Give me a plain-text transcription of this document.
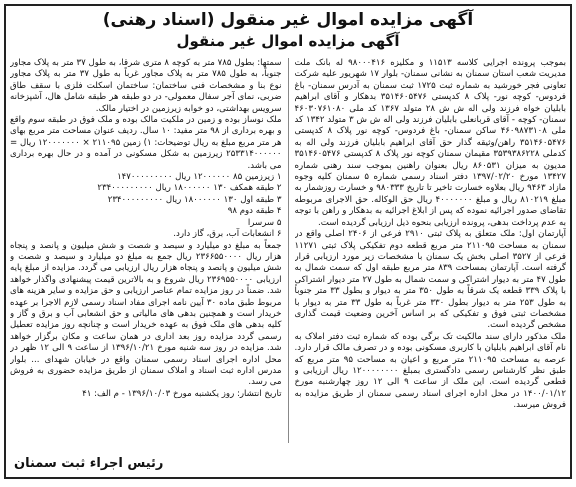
آگهی مزایده اموال غیر منقول (اسناد رهنی)
آگهی مزایده اموال غیر منقول

بموجب پرونده اجرایی کلاسه ۱۱۵۱۳ و مکلیزه ۹۸۰۰۰۴۱۶ له بانک ملت مدیریت شعب استان سمنان به نشانی سمنان- بلوار ۱۷ شهریور علیه شرکت تعاونی فجر خورشید به شماره ثبت ۱۷۲۵ ثبت سمنان به آدرس سمنان- باغ فردوس- کوچه نور- پلاک ۸ کدپستی ۳۵۱۴۶۰۵۴۷۶ بدهکار و آقای ابراهیم بابلیان خواه فرزند ولی اله ش ش ۲۸ متولد ۱۳۶۷ کد ملی ۴۶۰۳۰۷۶۱۰۸۰ سمنان- کوچه - آقای قربانعلی بابلیان فرزند ولی اله ش ش ۳ متولد ۱۳۴۲ کد ملی ۴۶۰۹۸۷۳۱۰۸ ساکن سمنان- باغ فردوس- کوچه نور پلاک ۸ کدپستی ۳۵۱۴۶۰۵۴۷۶ راهن/وثیقه گذار حق آقای ابراهیم بابلیان فرزند ولی اله به کدملی ۳۵۳۹۳۸۶۲۲۸ مقیمان سمنان کوچه نور پلاک ۸ کدپستی ۳۵۱۴۶۰۵۴۷۶ مدیون به میزان ۸۶۰۵۳۱ ریال بعنوان راهنین بموجب سند رهنی شماره ۱۳۴۲۷ مورخ ۱۳۹۷/۰۲/۲۰ دفتر اسناد رسمی شماره ۵ سمنان کلیه وجوه مازاد ۹۴۶۳ ریال بعلاوه خسارت تاخیر تا تاریخ ۹۸۰۳۳۳ و خسارت روزشمار به مبلغ ۸۱۰۲۱۹ ریال و مبلغ ۴۰۰۰۰۰۰۰ ریال حق الوکاله. حق الاجرای مربوطه تقاضای صدور اجرائیه نموده که پس از ابلاغ اجرائیه به بدهکار و راهن با توجه به عدم پرداخت بدهی، پرونده ارزیابی بنحوه ذیل ارزیابی گردیده است.

آپارتمان اول: ملک متعلق به پلاک ثبتی ۲۹۱۰ فرعی از ۲۴۰۶ اصلی واقع در سمنان به مساحت ۲۱۱۰۹۵ متر مربع قطعه دوم تفکیکی پلاک ثبتی ۱۱۲۷۱ فرعی از ۳۵۲۷ اصلی بخش یک سمنان با مشخصات زیر مورد ارزیابی قرار گرفته است. آپارتمان بمساحت ۸۳۹ متر مربع طبقه اول که سمت شمال به طول ۴۷ متر به دیوار اشتراکی و سمت شمال به طول ۲۷ متر دیوار اشتراکی با پلاک ۳۳۹ قطعه یک شرقاً به طول ۳۵۰ متر به دیوار و بطول ۳۳ متر جنوباً به طول ۲۵۳ متر به دیوار بطول ۳۳۰ متر غرباً به طول ۳۳ متر به دیوار با مشخصات ثبتی فوق و تفکیکی که بر اساس آخرین وضعیت قیمت گذاری مشخص گردیده است.

ملک مذکور دارای سند مالکیت تک برگی بوده که شماره ثبت دفتر املاک به نام آقای ابراهیم بابلیان با کاربری مسکونی بوده و در تصرف مالک قرار دارد. عرصه به مساحت ۲۱۱۰۹۵ متر مربع و اعیان به مساحت ۹۵ متر مربع که طبق نظر کارشناس رسمی دادگستری بمبلغ ۱۲۰۰۰۰۰۰۰۰ ریال ارزیابی و قطعی گردیده است. این ملک از ساعت ۹ الی ۱۲ روز چهارشنبه مورخ ۱۴۰۰/۰۱/۱۲ در محل اداره اجرای اسناد رسمی سمنان از طریق مزایده به فروش میرسد.

سمتها: بطول ۷۸۵ متر به کوچه ۸ متری شرقاً، به طول ۳۷ متر به پلاک مجاور جنوباً، به طول ۷۸۵ متر به پلاک مجاور غرباً به طول ۳۷ متر به پلاک مجاور نوع بنا و مشخصات فنی ساختمان: ساختمان اسکلت فلزی با سقف طاق ضربی، نمای آجر سفال معمولی- در دو طبقه هر طبقه شامل هال، آشپزخانه سرویس بهداشتی، دو خوابه زیرزمین در اختیار مالک.

ملک نوساز بوده و زمین در ملکیت مالک بوده و ملک فوق در طبقه سوم واقع و بهره برداری از ۹۸ متر مفید: ۱۰ سال. ردیف عنوان مساحت متر مربع بهای هر متر مربع مبلغ به ریال توضیحات: ۱) زمین ۲۱۱۰۹۵ × ۱۲۰۰۰۰۰۰۰ ریال = ۲۵۳۳۱۴۰۰۰۰۰۰ زیرزمین به شکل مسکونی در آمده و در حال بهره برداری می باشد.

۱ زیرزمین ۸۵ ۱۲۰۰۰۰۰۰ ریال ۱۴۷۰۰۰۰۰۰۰۰۰

۲ طبقه همکف ۱۳۰ ۱۸۰۰۰۰۰۰ ریال ۲۳۴۰۰۰۰۰۰۰۰۰

۳ طبقه اول ۱۳۰ ۱۸۰۰۰۰۰۰ ریال ۲۳۴۰۰۰۰۰۰۰۰۰

۴ طبقه دوم ۹۸

۵ سرسرا

۶ انشعابات آب، برق، گاز دارد.

جمعاً به مبلغ دو میلیارد و سیصد و شصت و شش میلیون و پانصد و پنجاه هزار ریال ۲۳۶۶۵۵۰۰۰۰ ریال جمع به مبلغ دو میلیارد و سیصد و شصت و شش میلیون و پانصد و پنجاه هزار ریال ارزیابی می گردد. مزایده از مبلغ پایه ارزیابی ۲۳۶۹۵۵۰۰۰۰ ریال شروع و به بالاترین قیمت پیشنهادی واگذار خواهد شد. ضمناً در روز مزایده تمام عناصر ارزیابی و حق مزایده و سایر هزینه های مربوط طبق ماده ۳۰ آیین نامه اجرای مفاد اسناد رسمی لازم الاجرا بر عهده خریدار است و همچنین بدهی های مالیاتی و حق انشعابی آب و برق و گاز و کلیه بدهی های ملک فوق به عهده خریدار است و چنانچه روز مزایده تعطیل رسمی گردد مزایده روز بعد اداری در همان ساعت و مکان برگزار خواهد شد. مزایده در روز سه شنبه مورخ ۱۳۹۶/۱۰/۲۱ از ساعت ۹ الی ۱۲ ظهر در محل اداره اجرای اسناد رسمی سمنان واقع در خیابان شهدای ... بلوار مدرس اداره ثبت اسناد و املاک سمنان از طریق مزایده حضوری به فروش می رسد.

تاریخ انتشار: روز یکشنبه مورخ ۱۳۹۶/۱۰/۰۳ - م الف: ۴۱

رئیس اجراء ثبت سمنان
